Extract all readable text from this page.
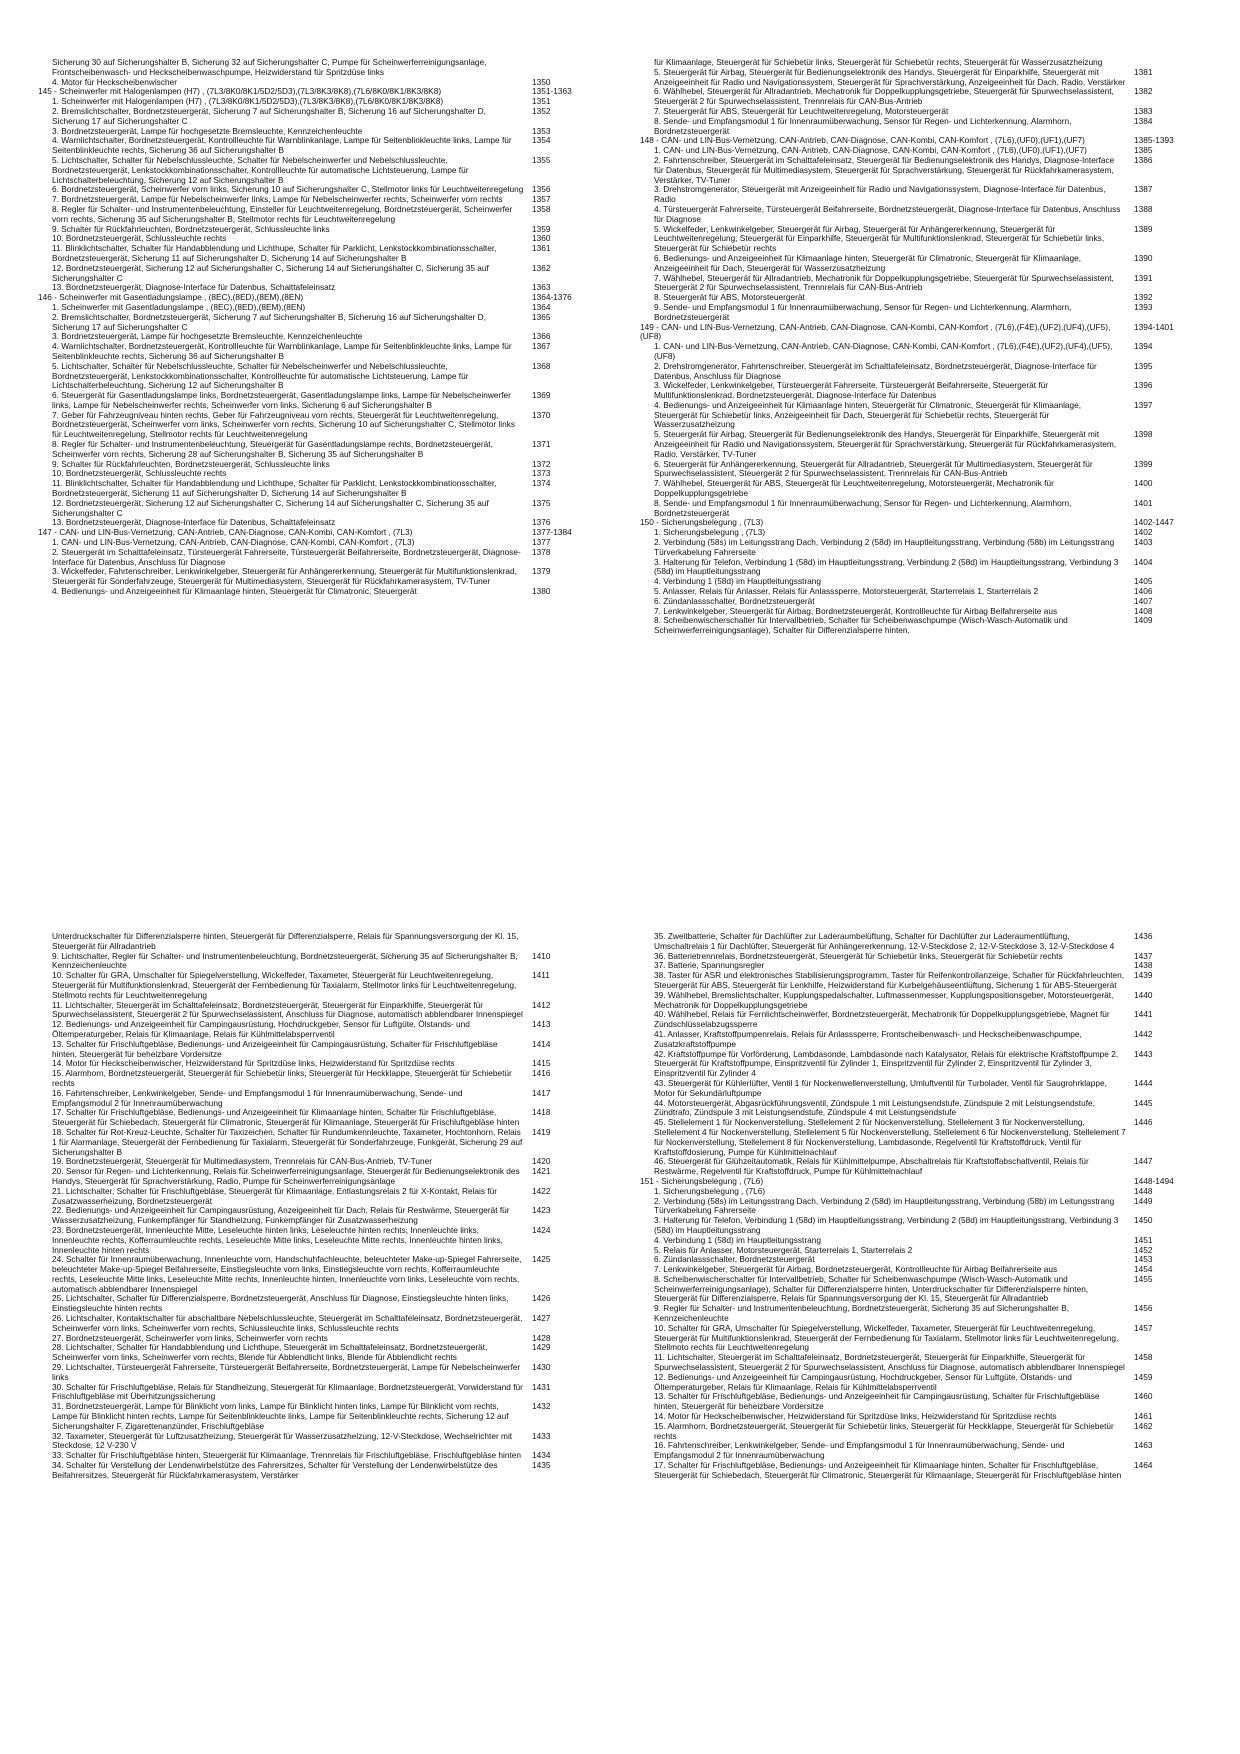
Sicherung 30 auf Sicherungshalter B, Sicherung 32 auf Sicherungshalter C, Pumpe für Scheinwerferreinigungsanlage, Frontscheibenwasch- und Heckscheibenwaschpumpe, Heizwiderstand für Spritzdüse links
4. Motor für Heckscheibenwischer	1350
145 - Scheinwerfer mit Halogenlampen (H7) , (7L3/8K0/8K1/5D2/5D3),(7L3/8K3/8K8),(7L6/8K0/8K1/8K3/8K8)	1351-1363
1. Scheinwerfer mit Halogenlampen (H7) , (7L3/8K0/8K1/5D2/5D3),(7L3/8K3/8K8),(7L6/8K0/8K1/8K3/8K8)	1351
2. Bremslichtschalter, Bordnetzsteuergerät, Sicherung 7 auf Sicherungshalter B, Sicherung 16 auf Sicherungshalter D, Sicherung 17 auf Sicherungshalter C
1352
3. Bordnetzsteuergerät, Lampe für hochgesetzte Bremsleuchte, Kennzeichenleuchte	1353
4. Warnlichtschalter, Bordnetzsteuergerät, Kontrollleuchte für Warnblinkanlage, Lampe für Seitenblinkleuchte links, Lampe für Seitenblinkleuchte rechts, Sicherung 36 auf Sicherungshalter B
1354
5. Lichtschalter, Schalter für Nebelschlussleuchte, Schalter für Nebelscheinwerfer und Nebelschlussleuchte, Bordnetzsteuergerät, Lenkstockkombinationsschalter, Kontrollleuchte für automatische Lichtsteuerung, Lampe für Lichtschalterbeleuchtung, Sicherung 12 auf Sicherungshalter B
1355
6. Bordnetzsteuergerät, Scheinwerfer vorn links, Sicherung 10 auf Sicherungshalter C, Stellmotor links für Leuchtweitenregelung 1356
7. Bordnetzsteuergerät, Lampe für Nebelscheinwerfer links, Lampe für Nebelscheinwerfer rechts, Scheinwerfer vorn rechts	1357
8. Regler für Schalter- und Instrumentenbeleuchtung, Einsteller für Leuchtweitenregelung, Bordnetzsteuergerät, Scheinwerfer vorn rechts, Sicherung 35 auf Sicherungshalter B, Stellmotor rechts für Leuchtweitenregelung
1358
9. Schalter für Rückfahrleuchten, Bordnetzsteuergerät, Schlussleuchte links	1359
10. Bordnetzsteuergerät, Schlussleuchte rechts	1360
11. Blinklichtschalter, Schalter für Handabblendung und Lichthupe, Schalter für Parklicht, Lenkstockkombinationsschalter, Bordnetzsteuergerät, Sicherung 11 auf Sicherungshalter D, Sicherung 14 auf Sicherungshalter B
1361
12. Bordnetzsteuergerät, Sicherung 12 auf Sicherungshalter C, Sicherung 14 auf Sicherungshalter C, Sicherung 35 auf Sicherungshalter C
1362
13. Bordnetzsteuergerät, Diagnose-Interface für Datenbus, Schalttafeleinsatz	1363
146 - Scheinwerfer mit Gasentladungslampe , (8EC),(8ED),(8EM),(8EN)	1364-1376
1. Scheinwerfer mit Gasentladungslampe , (8EC),(8ED),(8EM),(8EN)	1364
2. Bremslichtschalter, Bordnetzsteuergerät, Sicherung 7 auf Sicherungshalter B, Sicherung 16 auf Sicherungshalter D, Sicherung 17 auf Sicherungshalter C
1365
3. Bordnetzsteuergerät, Lampe für hochgesetzte Bremsleuchte, Kennzeichenleuchte	1366
4. Warnlichtschalter, Bordnetzsteuergerät, Kontrollleuchte für Warnblinkanlage, Lampe für Seitenblinkleuchte links, Lampe für Seitenblinkleuchte rechts, Sicherung 36 auf Sicherungshalter B
1367
5. Lichtschalter, Schalter für Nebelschlussleuchte, Schalter für Nebelscheinwerfer und Nebelschlussleuchte, Bordnetzsteuergerät, Lenkstockkombinationsschalter, Kontrollleuchte für automatische Lichtsteuerung, Lampe für Lichtschalterbeleuchtung, Sicherung 12 auf Sicherungshalter B
1368
6. Steuergerät für Gasentladungslampe links, Bordnetzsteuergerät, Gasentladungslampe links, Lampe für Nebelscheinwerfer links, Lampe für Nebelscheinwerfer rechts, Scheinwerfer vorn links, Sicherung 6 auf Sicherungshalter B
1369
7. Geber für Fahrzeugniveau hinten rechts, Geber für Fahrzeugniveau vorn rechts, Steuergerät für Leuchtweitenregelung, Bordnetzsteuergerät, Scheinwerfer vorn links, Scheinwerfer vorn rechts, Sicherung 10 auf Sicherungshalter C, Stellmotor links für Leuchtweitenregelung, Stellmotor rechts für Leuchtweitenregelung
1370
8. Regler für Schalter- und Instrumentenbeleuchtung, Steuergerät für Gasentladungslampe rechts, Bordnetzsteuergerät, Scheinwerfer vorn rechts, Sicherung 28 auf Sicherungshalter B, Sicherung 35 auf Sicherungshalter B
1371
9. Schalter für Rückfahrleuchten, Bordnetzsteuergerät, Schlussleuchte links	1372
10. Bordnetzsteuergerät, Schlussleuchte rechts	1373
11. Blinklichtschalter, Schalter für Handabblendung und Lichthupe, Schalter für Parklicht, Lenkstockkombinationsschalter, Bordnetzsteuergerät, Sicherung 11 auf Sicherungshalter D, Sicherung 14 auf Sicherungshalter B
1374
12. Bordnetzsteuergerät, Sicherung 12 auf Sicherungshalter C, Sicherung 14 auf Sicherungshalter C, Sicherung 35 auf Sicherungshalter C
1375
13. Bordnetzsteuergerät, Diagnose-Interface für Datenbus, Schalttafeleinsatz	1376
147 - CAN- und LIN-Bus-Vernetzung, CAN-Antrieb, CAN-Diagnose, CAN-Kombi, CAN-Komfort , (7L3)	1377-1384
1. CAN- und LIN-Bus-Vernetzung, CAN-Antrieb, CAN-Diagnose, CAN-Kombi, CAN-Komfort , (7L3)	1377
2. Steuergerät im Schalttafeleinsatz, Türsteuergerät Fahrerseite, Türsteuergerät Beifahrerseite, Bordnetzsteuergerät, Diagnose-Interface für Datenbus, Anschluss für Diagnose
1378
3. Wickelfeder, Fahrtenschreiber, Lenkwinkelgeber, Steuergerät für Anhängererkennung, Steuergerät für Multifunktionslenkrad, Steuergerät für Sonderfahrzeuge, Steuergerät für Multimediasystem, Steuergerät für Rückfahrkamerasystem, TV-Tuner
1379
4. Bedienungs- und Anzeigeeinheit für Klimaanlage hinten, Steuergerät für Climatronic, Steuergerät	1380
für Klimaanlage, Steuergerät für Schiebetür links, Steuergerät für Schiebetür rechts, Steuergerät für Wasserzusatzheizung
5. Steuergerät für Airbag, Steuergerät für Bedienungselektronik des Handys, Steuergerät für Einparkhilfe, Steuergerät mit Anzeigeeinheit für Radio und Navigationssystem, Steuergerät für Sprachverstärkung, Anzeigeeinheit für Dach, Radio, Verstärker
1381
6. Wählhebel, Steuergerät für Allradantrieb, Mechatronik für Doppelkupplungsgetriebe, Steuergerät für Spurwechselassistent, Steuergerät 2 für Spurwechselassistent, Trennrelais für CAN-Bus-Antrieb
1382
7. Steuergerät für ABS, Steuergerät für Leuchtweitenregelung, Motorsteuergerät	1383
8. Sende- und Empfangsmodul 1 für Innenraumüberwachung, Sensor für Regen- und Lichterkennung, Alarmhorn, Bordnetzsteuergerät
1384
148 - CAN- und LIN-Bus-Vernetzung, CAN-Antrieb, CAN-Diagnose, CAN-Kombi, CAN-Komfort , (7L6),(UF0),(UF1),(UF7)	1385-1393
1. CAN- und LIN-Bus-Vernetzung, CAN-Antrieb, CAN-Diagnose, CAN-Kombi, CAN-Komfort , (7L6),(UF0),(UF1),(UF7)	1385
2. Fahrtenschreiber, Steuergerät im Schalttafeleinsatz, Steuergerät für Bedienungselektronik des Handys, Diagnose-Interface für Datenbus, Steuergerät für Multimediasystem, Steuergerät für Sprachverstärkung, Steuergerät für Rückfahrkamerasystem, Verstärker, TV-Tuner
1386
3. Drehstromgenerator, Steuergerät mit Anzeigeeinheit für Radio und Navigationssystem, Diagnose-Interface für Datenbus, Radio
1387
4. Türsteuergerät Fahrerseite, Türsteuergerät Beifahrerseite, Bordnetzsteuergerät, Diagnose-Interface für Datenbus, Anschluss für Diagnose
1388
5. Wickelfeder, Lenkwinkelgeber, Steuergerät für Airbag, Steuergerät für Anhängererkennung, Steuergerät für Leuchtweitenregelung, Steuergerät für Einparkhilfe, Steuergerät für Multifunktionslenkrad, Steuergerät für Schiebetür links, Steuergerät für Schiebetür rechts
1389
6. Bedienungs- und Anzeigeeinheit für Klimaanlage hinten, Steuergerät für Climatronic, Steuergerät für Klimaanlage, Anzeigeeinheit für Dach, Steuergerät für Wasserzusatzheizung
1390
7. Wählhebel, Steuergerät für Allradantrieb, Mechatronik für Doppelkupplungsgetriebe, Steuergerät für Spurwechselassistent, Steuergerät 2 für Spurwechselassistent, Trennrelais für CAN-Bus-Antrieb
1391
8. Steuergerät für ABS, Motorsteuergerät	1392
9. Sende- und Empfangsmodul 1 für Innenraumüberwachung, Sensor für Regen- und Lichterkennung, Alarmhorn, Bordnetzsteuergerät
1393
149 - CAN- und LIN-Bus-Vernetzung, CAN-Antrieb, CAN-Diagnose, CAN-Kombi, CAN-Komfort , (7L6),(F4E),(UF2),(UF4),(UF5),(UF8)
1394-1401
1. CAN- und LIN-Bus-Vernetzung, CAN-Antrieb, CAN-Diagnose, CAN-Kombi, CAN-Komfort , (7L6),(F4E),(UF2),(UF4),(UF5),(UF8)
1394
2. Drehstromgenerator, Fahrtenschreiber, Steuergerät im Schalttafeleinsatz, Bordnetzsteuergerät, Diagnose-Interface für Datenbus, Anschluss für Diagnose
1395
3. Wickelfeder, Lenkwinkelgeber, Türsteuergerät Fahrerseite, Türsteuergerät Beifahrerseite, Steuergerät für Multifunktionslenkrad, Bordnetzsteuergerät, Diagnose-Interface für Datenbus
1396
4. Bedienungs- und Anzeigeeinheit für Klimaanlage hinten, Steuergerät für Climatronic, Steuergerät für Klimaanlage, Steuergerät für Schiebetür links, Anzeigeeinheit für Dach, Steuergerät für Schiebetür rechts, Steuergerät für Wasserzusatzheizung
1397
5. Steuergerät für Airbag, Steuergerät für Bedienungselektronik des Handys, Steuergerät für Einparkhilfe, Steuergerät mit Anzeigeeinheit für Radio und Navigationssystem, Steuergerät für Sprachverstärkung, Steuergerät für Rückfahrkamerasystem, Radio, Verstärker, TV-Tuner
1398
6. Steuergerät für Anhängererkennung, Steuergerät für Allradantrieb, Steuergerät für Multimediasystem, Steuergerät für Spurwechselassistent, Steuergerät 2 für Spurwechselassistent, Trennrelais für CAN-Bus-Antrieb
1399
7. Wählhebel, Steuergerät für ABS, Steuergerät für Leuchtweitenregelung, Motorsteuergerät, Mechatronik für Doppelkupplungsgetriebe
1400
8. Sende- und Empfangsmodul 1 für Innenraumüberwachung, Sensor für Regen- und Lichterkennung, Alarmhorn, Bordnetzsteuergerät
1401
150 - Sicherungsbelegung , (7L3)	1402-1447
1. Sicherungsbelegung , (7L3)	1402
2. Verbindung (58s) im Leitungsstrang Dach, Verbindung 2 (58d) im Hauptleitungsstrang, Verbindung (58b) im Leitungsstrang Türverkabelung Fahrerseite
1403
3. Halterung für Telefon, Verbindung 1 (58d) im Hauptleitungsstrang, Verbindung 2 (58d) im Hauptleitungsstrang, Verbindung 3 (58d) im Hauptleitungsstrang
1404
4. Verbindung 1 (58d) im Hauptleitungsstrang	1405
5. Anlasser, Relais für Anlasser, Relais für Anlasssperre, Motorsteuergerät, Starterrelais 1, Starterrelais 2	1406
6. Zündanlassschalter, Bordnetzsteuergerät	1407
7. Lenkwinkelgeber, Steuergerät für Airbag, Bordnetzsteuergerät, Kontrollleuchte für Airbag Beifahrerseite aus	1408
8. Scheibenwischerschalter für Intervallbetrieb, Schalter für Scheibenwaschpumpe (Wisch-Wasch-Automatik und Scheinwerferreinigungsanlage), Schalter für Differenzialsperre hinten,
1409
Unterdruckschalter für Differenzialsperre hinten, Steuergerät für Differenzialsperre, Relais für Spannungsversorgung der Kl. 15, Steuergerät für Allradantrieb
9. Lichtschalter, Regler für Schalter- und Instrumentenbeleuchtung, Bordnetzsteuergerät, Sicherung 35 auf Sicherungshalter B, Kennzeichenleuchte
1410
10. Schalter für GRA, Umschalter für Spiegelverstellung, Wickelfeder, Taxameter, Steuergerät für Leuchtweitenregelung, Steuergerät für Multifunktionslenkrad, Steuergerät der Fernbedienung für Taxialarm, Stellmotor links für Leuchtweitenregelung, Stellmoto rechts für Leuchtweitenregelung
1411
11. Lichtschalter, Steuergerät im Schalttafeleinsatz, Bordnetzsteuergerät, Steuergerät für Einparkhilfe, Steuergerät für Spurwechselassistent, Steuergerät 2 für Spurwechselassistent, Anschluss für Diagnose, automatisch abblendbarer Innenspiegel
1412
12. Bedienungs- und Anzeigeeinheit für Campingausrüstung, Hochdruckgeber, Sensor für Luftgüte, Ölstands- und Öltemperaturgeber, Relais für Klimaanlage, Relais für Kühlmittelabsperrventil
1413
13. Schalter für Frischluftgebläse, Bedienungs- und Anzeigeeinheit für Campingausrüstung, Schalter für Frischluftgebläse hinten, Steuergerät für beheizbare Vordersitze
1414
14. Motor für Heckscheibenwischer, Heizwiderstand für Spritzdüse links, Heizwiderstand für Spritzdüse rechts	1415
15. Alarmhorn, Bordnetzsteuergerät, Steuergerät für Schiebetür links, Steuergerät für Heckklappe, Steuergerät für Schiebetür rechts
1416
16. Fahrtenschreiber, Lenkwinkelgeber, Sende- und Empfangsmodul 1 für Innenraumüberwachung, Sende- und Empfangsmodul 2 für Innenraumüberwachung
1417
17. Schalter für Frischluftgebläse, Bedienungs- und Anzeigeeinheit für Klimaanlage hinten, Schalter für Frischluftgebläse, Steuergerät für Schiebedach, Steuergerät für Climatronic, Steuergerät für Klimaanlage, Steuergerät für Frischluftgebläse hinten
1418
18. Schalter für Rot-Kreuz-Leuchte, Schalter für Taxizeichen, Schalter für Rundumkennleuchte, Taxameter, Hochtonhorn, Relais 1 für Alarmanlage, Steuergerät der Fernbedienung für Taxialarm, Steuergerät für Sonderfahrzeuge, Funkgerät, Sicherung 29 auf Sicherungshalter B
1419
19. Bordnetzsteuergerät, Steuergerät für Multimediasystem, Trennrelais für CAN-Bus-Antrieb, TV-Tuner	1420
20. Sensor für Regen- und Lichterkennung, Relais für Scheinwerferreinigungsanlage, Steuergerät für Bedienungselektronik des Handys, Steuergerät für Sprachverstärkung, Radio, Pumpe für Scheinwerferreinigungsanlage
1421
21. Lichtschalter, Schalter für Frischluftgebläse, Steuergerät für Klimaanlage, Entlastungsrelais 2 für X-Kontakt, Relais für Zusatzwasserheizung, Bordnetzsteuergerät
1422
22. Bedienungs- und Anzeigeeinheit für Campingausrüstung, Anzeigeeinheit für Dach, Relais für Restwärme, Steuergerät für Wasserzusatzheizung, Funkempfänger für Standheizung, Funkempfänger für Zusatzwasserheizung
1423
23. Bordnetzsteuergerät, Innenleuchte Mitte, Leseleuchte hinten links, Leseleuchte hinten rechts, Innenleuchte links, Innenleuchte rechts, Kofferraumleuchte rechts, Leseleuchte Mitte links, Leseleuchte Mitte rechts, Innenleuchte hinten links, Innenleuchte hinten rechts
1424
24. Schalter für Innenraumüberwachung, Innenleuchte vorn, Handschuhfachleuchte, beleuchteter Make-up-Spiegel Fahrerseite, beleuchteter Make-up-Spiegel Beifahrerseite, Einstiegsleuchte vorn links, Einstiegsleuchte vorn rechts, Kofferraumleuchte rechts, Leseleuchte Mitte links, Leseleuchte Mitte rechts, Innenleuchte hinten, Innenleuchte vorn links, Leseleuchte vorn rechts, automatisch abblendbarer Innenspiegel
1425
25. Lichtschalter, Schalter für Differenzialsperre, Bordnetzsteuergerät, Anschluss für Diagnose, Einstiegsleuchte hinten links, Einstiegsleuchte hinten rechts
1426
26. Lichtschalter, Kontaktschalter für abschaltbare Nebelschlussleuchte, Steuergerät im Schalttafeleinsatz, Bordnetzsteuergerät, Scheinwerfer vorn links, Scheinwerfer vorn rechts, Schlussleuchte links, Schlussleuchte rechts
1427
27. Bordnetzsteuergerät, Scheinwerfer vorn links, Scheinwerfer vorn rechts	1428
28. Lichtschalter, Schalter für Handabblendung und Lichthupe, Steuergerät im Schalttafeleinsatz, Bordnetzsteuergerät, Scheinwerfer vorn links, Scheinwerfer vorn rechts, Blende für Abblendlicht links, Blende für Abblendlicht rechts
1429
29. Lichtschalter, Türsteuergerät Fahrerseite, Türsteuergerät Beifahrerseite, Bordnetzsteuergerät, Lampe für Nebelscheinwerfer links
1430
30. Schalter für Frischluftgebläse, Relais für Standheizung, Steuergerät für Klimaanlage, Bordnetzsteuergerät, Vorwiderstand für Frischluftgebläse mit Überhitzungssicherung
1431
31. Bordnetzsteuergerät, Lampe für Blinklicht vorn links, Lampe für Blinklicht hinten links, Lampe für Blinklicht vorn rechts, Lampe für Blinklicht hinten rechts, Lampe für Seitenblinkleuchte links, Lampe für Seitenblinkleuchte rechts, Sicherung 12 auf Sicherungshalter F, Zigarettenanzünder, Frischluftgebläse
1432
32. Taxameter, Steuergerät für Luftzusatzheizung, Steuergerät für Wasserzusatzheizung, 12-V-Steckdose, Wechselrichter mit Steckdose, 12 V-230 V
1433
33. Schalter für Frischluftgebläse hinten, Steuergerät für Klimaanlage, Trennrelais für Frischluftgebläse, Frischluftgebläse hinten	1434
34. Schalter für Verstellung der Lendenwirbelstütze des Fahrersitzes, Schalter für Verstellung der Lendenwirbelstütze des Beifahrersitzes, Steuergerät für Rückfahrkamerasystem, Verstärker
1435
35. Zweitbatterie, Schalter für Dachlüfter zur Laderaumbelüftung, Schalter für Dachlüfter zur Laderaumentlüftung, Umschaltrelais 1 für Dachlüfter, Steuergerät für Anhängererkennung, 12-V-Steckdose 2, 12-V-Steckdose 3, 12-V-Steckdose 4
1436
36. Batterietrennrelais, Bordnetzsteuergerät, Steuergerät für Schiebetür links, Steuergerät für Schiebetür rechts	1437
37. Batterie, Spannungsregler	1438
38. Taster für ASR und elektronisches Stabilisierungsprogramm, Taster für Reifenkontrollanzeige, Schalter für Rückfahrleuchten, Steuergerät für ABS, Steuergerät für Lenkhilfe, Heizwiderstand für Kurbelgehäuseentlüftung, Sicherung 1 für ABS-Steuergerät
1439
39. Wählhebel, Bremslichtschalter, Kupplungspedalschalter, Luftmassenmesser, Kupplungspositionsgeber, Motorsteuergerät, Mechatronik für Doppelkupplungsgetriebe
1440
40. Wählhebel, Relais für Fernlichtscheinwerfer, Bordnetzsteuergerät, Mechatronik für Doppelkupplungsgetriebe, Magnet für Zündschlüsselabzugssperre
1441
41. Anlasser, Kraftstoffpumpenrelais, Relais für Anlasssperre, Frontscheibenwasch- und Heckscheibenwaschpumpe, Zusatzkraftstoffpumpe
1442
42. Kraftstoffpumpe für Vorförderung, Lambdasonde, Lambdasonde nach Katalysator, Relais für elektrische Kraftstoffpumpe 2, Steuergerät für Kraftstoffpumpe, Einspritzventil für Zylinder 1, Einspritzventil für Zylinder 2, Einspritzventil für Zylinder 3, Einspritzventil für Zylinder 4
1443
43. Steuergerät für Kühlerlüfter, Ventil 1 für Nockenwellenverstellung, Umluftventil für Turbolader, Ventil für Saugrohrklappe, Motor für Sekundärluftpumpe
1444
44. Motorsteuergerät, Abgasrückführungsventil, Zündspule 1 mit Leistungsendstufe, Zündspule 2 mit Leistungsendstufe, Zündtrafo, Zündspule 3 mit Leistungsendstufe, Zündspule 4 mit Leistungsendstufe
1445
45. Stellelement 1 für Nockenverstellung, Stellelement 2 für Nockenverstellung, Stellelement 3 für Nockenverstellung, Stellelement 4 für Nockenverstellung, Stellelement 5 für Nockenverstellung, Stellelement 6 für Nockenverstellung, Stellelement 7 für Nockenverstellung, Stellelement 8 für Nockenverstellung, Lambdasonde, Regelventil für Kraftstoffdruck, Ventil für Kraftstoffdosierung, Pumpe für Kühlmittelnachlauf
1446
46. Steuergerät für Glühzeitautomatik, Relais für Kühlmittelpumpe, Abschaltrelais für Kraftstoffabschaltventil, Relais für Restwärme, Regelventil für Kraftstoffdruck, Pumpe für Kühlmittelnachlauf
1447
151 - Sicherungsbelegung , (7L6)	1448-1494
1. Sicherungsbelegung , (7L6)	1448
2. Verbindung (58s) im Leitungsstrang Dach, Verbindung 2 (58d) im Hauptleitungsstrang, Verbindung (58b) im Leitungsstrang Türverkabelung Fahrerseite
1449
3. Halterung für Telefon, Verbindung 1 (58d) im Hauptleitungsstrang, Verbindung 2 (58d) im Hauptleitungsstrang, Verbindung 3 (58d) im Hauptleitungsstrang
1450
4. Verbindung 1 (58d) im Hauptleitungsstrang	1451
5. Relais für Anlasser, Motorsteuergerät, Starterrelais 1, Starterrelais 2	1452
6. Zündanlassschalter, Bordnetzsteuergerät	1453
7. Lenkwinkelgeber, Steuergerät für Airbag, Bordnetzsteuergerät, Kontrollleuchte für Airbag Beifahrerseite aus	1454
8. Scheibenwischerschalter für Intervallbetrieb, Schalter für Scheibenwaschpumpe (Wisch-Wasch-Automatik und Scheinwerferreinigungsanlage), Schalter für Differenzialsperre hinten, Unterdruckschalter für Differenzialsperre hinten, Steuergerät für Differenzialsperre, Relais für Spannungsversorgung der Kl. 15, Steuergerät für Allradantrieb
1455
9. Regler für Schalter- und Instrumentenbeleuchtung, Bordnetzsteuergerät, Sicherung 35 auf Sicherungshalter B, Kennzeichenleuchte
1456
10. Schalter für GRA, Umschalter für Spiegelverstellung, Wickelfeder, Taxameter, Steuergerät für Leuchtweitenregelung, Steuergerät für Multifunktionslenkrad, Steuergerät der Fernbedienung für Taxialarm, Stellmotor links für Leuchtweitenregelung, Stellmoto rechts für Leuchtweitenregelung
1457
11. Lichtschalter, Steuergerät im Schalttafeleinsatz, Bordnetzsteuergerät, Steuergerät für Einparkhilfe, Steuergerät für Spurwechselassistent, Steuergerät 2 für Spurwechselassistent, Anschluss für Diagnose, automatisch abblendbarer Innenspiegel
1458
12. Bedienungs- und Anzeigeeinheit für Campingausrüstung, Hochdruckgeber, Sensor für Luftgüte, Ölstands- und Öltemperaturgeber, Relais für Klimaanlage, Relais für Kühlmittelabsperrventil
1459
13. Schalter für Frischluftgebläse, Bedienungs- und Anzeigeeinheit für Campingausrüstung, Schalter für Frischluftgebläse hinten, Steuergerät für beheizbare Vordersitze
1460
14. Motor für Heckscheibenwischer, Heizwiderstand für Spritzdüse links, Heizwiderstand für Spritzdüse rechts	1461
15. Alarmhorn, Bordnetzsteuergerät, Steuergerät für Schiebetür links, Steuergerät für Heckklappe, Steuergerät für Schiebetür rechts
1462
16. Fahrtenschreiber, Lenkwinkelgeber, Sende- und Empfangsmodul 1 für Innenraumüberwachung, Sende- und Empfangsmodul 2 für Innenraumüberwachung
1463
17. Schalter für Frischluftgebläse, Bedienungs- und Anzeigeeinheit für Klimaanlage hinten, Schalter für Frischluftgebläse, Steuergerät für Schiebedach, Steuergerät für Climatronic, Steuergerät für Klimaanlage, Steuergerät für Frischluftgebläse hinten
1464
